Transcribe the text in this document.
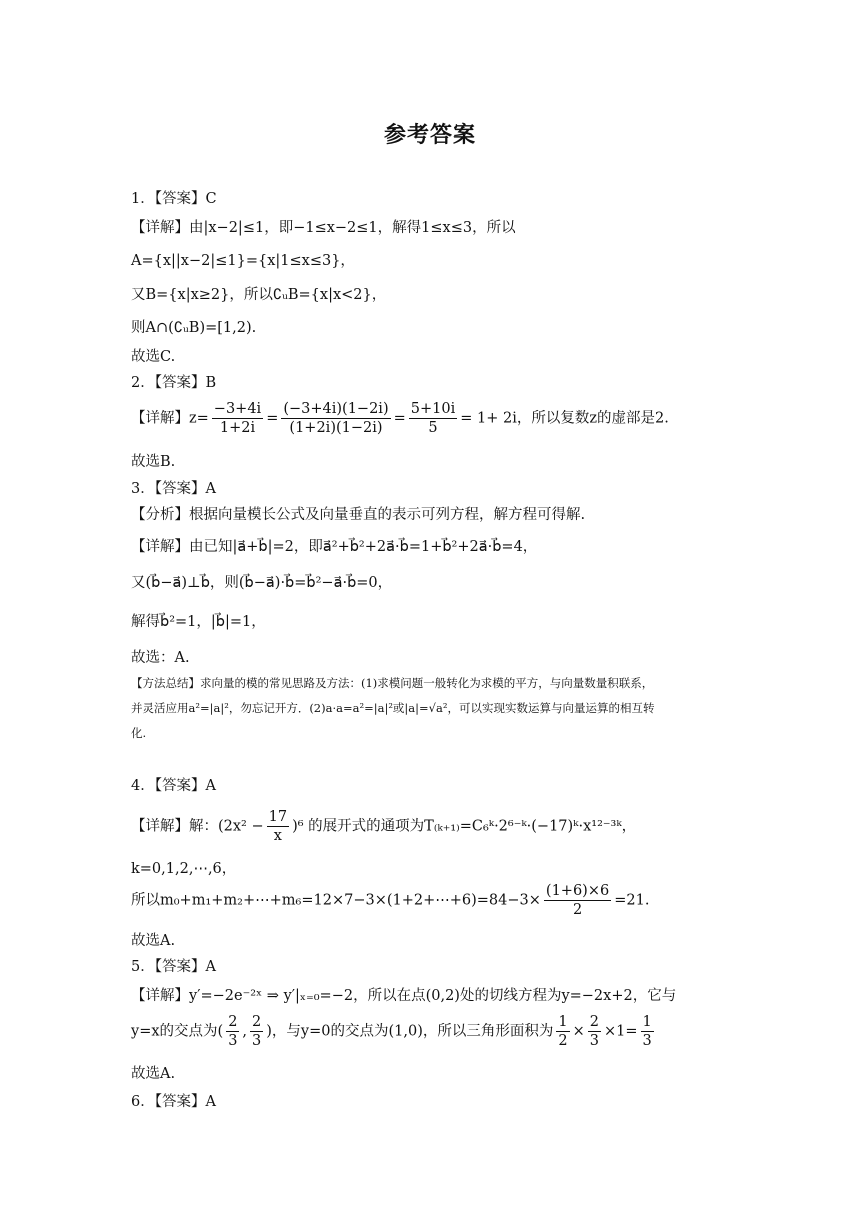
参考答案
1．【答案】C
【详解】由|x−2|≤1，即−1≤x−2≤1，解得1≤x≤3，所以
A={x||x−2|≤1}={x|1≤x≤3}，
又B={x|x≥2}，所以∁ᵤB={x|x<2}，
则A∩(∁ᵤB)=[1,2).
故选C.
2．【答案】B
【详解】$z= \frac{-3+4i}{1+2i} = \frac{(-3+4i)(1-2i)}{(1+2i)(1-2i)} = \frac{5+10i}{5} = 1+ 2i$，所以复数z的虚部是2.
故选B.
3．【答案】A
【分析】根据向量模长公式及向量垂直的表示可列方程，解方程可得解.
【详解】由已知|a⃗+b⃗|=2，即a⃗²+b⃗²+2a⃗·b⃗=1+b⃗²+2a⃗·b⃗=4，
又(b⃗−a⃗)⊥b⃗，则(b⃗−a⃗)·b⃗=b⃗²−a⃗·b⃗=0，
解得b⃗²=1，|b⃗|=1，
故选：A.
【方法总结】求向量的模的常见思路及方法：(1)求模问题一般转化为求模的平方，与向量数量积联系，
并灵活应用a²=|a|²，勿忘记开方．(2)a·a=a²=|a|²或|a|=√a²，可以实现实数运算与向量运算的相互转
化.
4．【答案】A
【详解】解：$(2x^2 - \frac{17}{x} )^6$ 的展开式的通项为T₍ₖ₊₁₎=C₆ᵏ·2⁶⁻ᵏ·(−17)ᵏ·x¹²⁻³ᵏ，
k=0,1,2,⋯,6，
所以m₀+m₁+m₂+⋯+m₆=12×7−3×(1+2+⋯+6)=84−3× $\frac{(1+6)\times 6}{2} =21$.
故选A.
5．【答案】A
【详解】y′=−2e⁻²ˣ ⇒ y′|ₓ₌₀=−2，所以在点(0,2)处的切线方程为y=−2x+2，它与
y=x的交点为( $\frac{2}{3}$ , $\frac{2}{3}$ )，与y=0的交点为(1,0)，所以三角形面积为 $\frac{1}{2} \times \frac{2}{3} \times 1= \frac{1}{3}$
故选A.
6．【答案】A
